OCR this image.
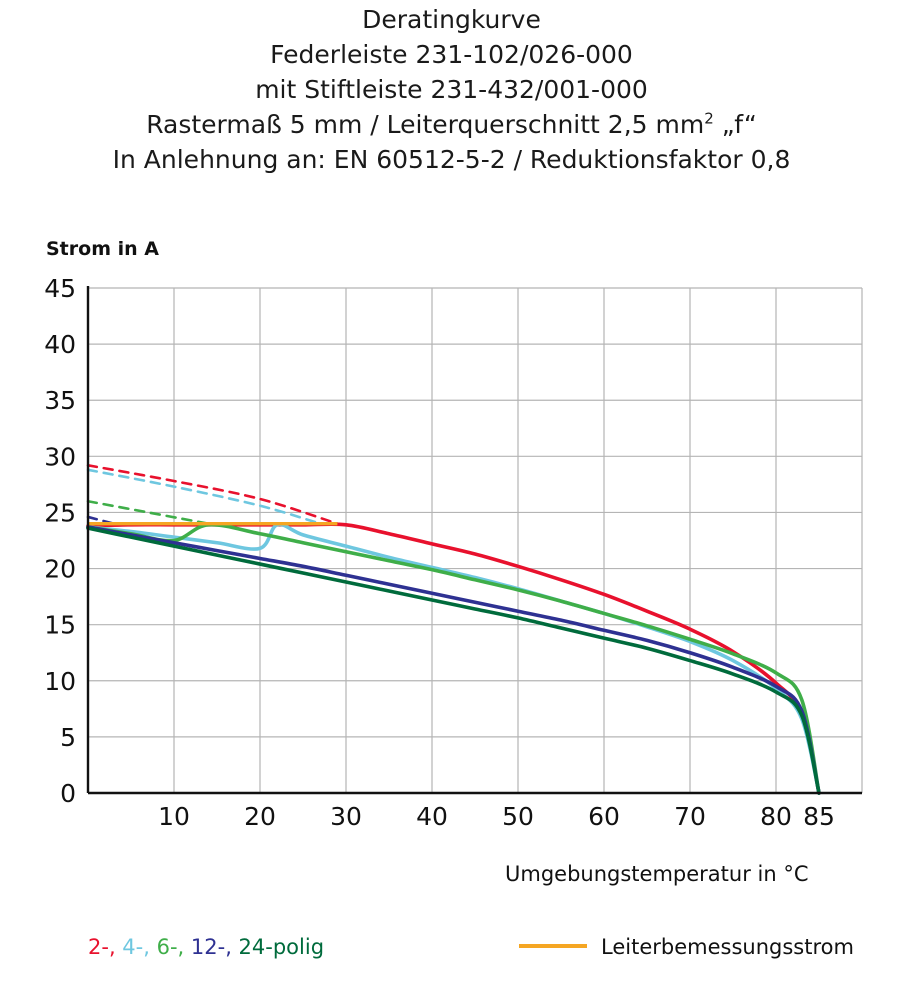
Deratingkurve
Federleiste 231-102/026-000
mit Stiftleiste 231-432/001-000
Rastermaß 5 mm / Leiterquerschnitt 2,5 $mm^2$ „f“
In Anlehnung an: EN 60512-5-2 / Reduktionsfaktor 0,8
Strom in A
Umgebungstemperatur in °C
0
5
10
15
20
25
30
35
40
45
10 20 30 40 50 60 70 80 85
2-, 4-, 6-, 12-, 24-polig	Leiterbemessungsstrom
